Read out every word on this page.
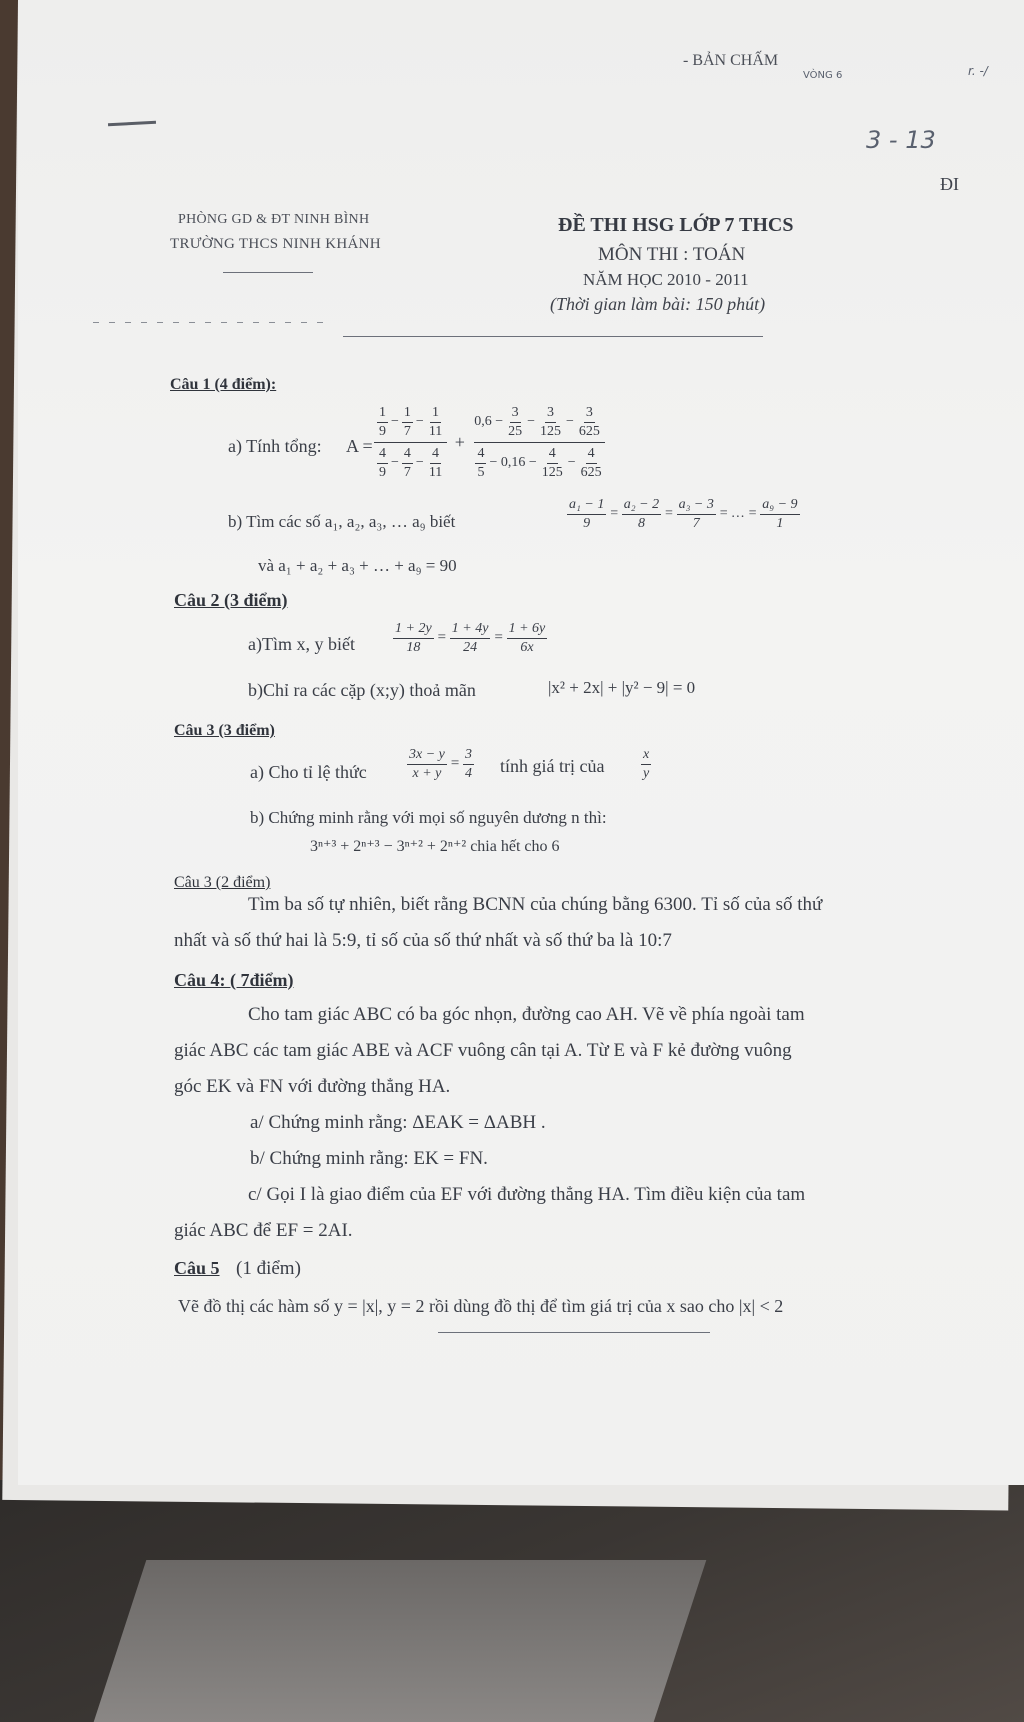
- BẢN CHẤM
VÒNG 6	r. -/
3 - 13
ĐI
PHÒNG GD & ĐT NINH BÌNH
TRƯỜNG THCS NINH KHÁNH
ĐỀ THI HSG LỚP 7 THCS
MÔN THI : TOÁN
NĂM HỌC 2010 - 2011
(Thời gian làm bài: 150 phút)
Câu 1 (4 điểm):
a) Tính tổng: $A = \frac{\frac{1}{9} - \frac{1}{7} - \frac{1}{11}}{\frac{4}{9} - \frac{4}{7} - \frac{4}{11}} + \frac{0,6 - \frac{3}{25} - \frac{3}{125} - \frac{3}{625}}{\frac{4}{5} - 0,16 - \frac{4}{125} - \frac{4}{625}}$
b) Tìm các số a₁, a₂, a₃, … a₉ biết	$\frac{\text{a₁ − 1}}{9} = \frac{\text{a₂ − 2}}{8} = \frac{\text{a₃ − 3}}{7}$ = … = $\frac{\text{a₉ − 9}}{1}$
và a₁ + a₂ + a₃ + … + a₉ = 90
Câu 2 (3 điểm)
a)Tìm x, y biết	$\frac{1 + 2y}{18} = \frac{1 + 4y}{24} = \frac{1 + 6y}{6x}$
b)Chỉ ra các cặp (x;y) thoả mãn	|x² + 2x| + |y² − 9| = 0
Câu 3 (3 điểm)
a) Cho tỉ lệ thức	$\frac{3x - y}{x + y} = \frac{3}{4}$ tính giá trị của	$\frac{x}{y}$
b) Chứng minh rằng với mọi số nguyên dương n thì:
3ⁿ⁺³ + 2ⁿ⁺³ − 3ⁿ⁺² + 2ⁿ⁺² chia hết cho 6
Câu 3 (2 điểm)
Tìm ba số tự nhiên, biết rằng BCNN của chúng bằng 6300. Tỉ số của số thứ
nhất và số thứ hai là 5:9, tỉ số của số thứ nhất và số thứ ba là 10:7
Câu 4: ( 7điểm)
Cho tam giác ABC có ba góc nhọn, đường cao AH. Vẽ về phía ngoài tam
giác ABC các tam giác ABE và ACF vuông cân tại A. Từ E và F kẻ đường vuông
góc EK và FN với đường thẳng HA.
a/ Chứng minh rằng: ΔEAK = ΔABH .
b/ Chứng minh rằng: EK = FN.
c/ Gọi I là giao điểm của EF với đường thẳng HA. Tìm điều kiện của tam
giác ABC để EF = 2AI.
Câu 5 (1 điểm)
Vẽ đồ thị các hàm số y = |x|, y = 2 rồi dùng đồ thị để tìm giá trị của x sao cho |x| < 2
